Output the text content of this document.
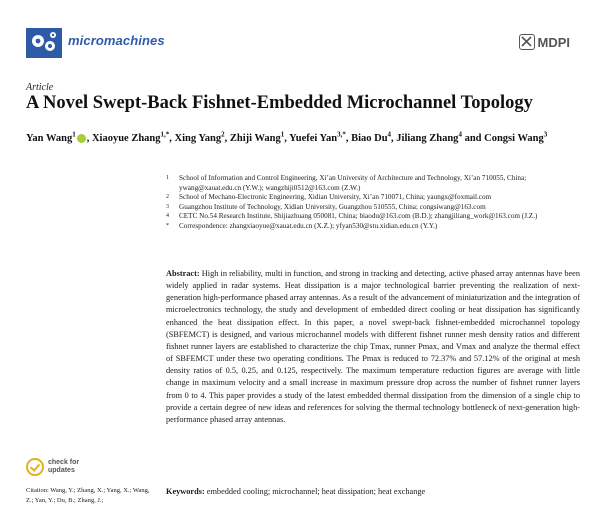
micromachines	MDPI
Article
A Novel Swept-Back Fishnet-Embedded Microchannel Topology
Yan Wang$^1$ , Xiaoyue Zhang$^{1,*}$, Xing Yang$^2$, Zhiji Wang$^1$, Yuefei Yan$^{3,*}$, Biao Du$^4$, Jiliang Zhang$^4$ and Congsi Wang$^3$
1	School of Information and Control Engineering, Xi’an University of Architecture and Technology, Xi’an 710055, China; ywang@xauat.edu.cn (Y.W.); wangzhiji0512@163.com (Z.W.)
2	School of Mechano-Electronic Engineering, Xidian University, Xi’an 710071, China; yaungx@foxmail.com
3	Guangzhou Institute of Technology, Xidian University, Guangzhou 510555, China; congsiwang@163.com
4	CETC No.54 Research Institute, Shijiazhuang 050081, China; biaodu@163.com (B.D.); zhangjiliang_work@163.com (J.Z.)
*	Correspondence: zhangxiaoyue@xauat.edu.cn (X.Z.); yfyan530@stu.xidian.edu.cn (Y.Y.)
Abstract: High in reliability, multi in function, and strong in tracking and detecting, active phased array antennas have been widely applied in radar systems. Heat dissipation is a major technological barrier preventing the realization of next-generation high-performance phased array antennas. As a result of the advancement of miniaturization and the integration of microelectronics technology, the study and development of embedded direct cooling or heat dissipation has significantly enhanced the heat dissipation effect. In this paper, a novel swept-back fishnet-embedded microchannel topology (SBFEMCT) is designed, and various microchannel models with different fishnet runner mesh density ratios and different fishnet runner layers are established to characterize the chip Tmax, runner Pmax, and Vmax and analyze the thermal effect of SBFEMCT under these two operating conditions. The Pmax is reduced to 72.37% and 57.12% of the original at mesh density ratios of 0.5, 0.25, and 0.125, respectively. The maximum temperature reduction figures are average with little change in maximum velocity and a small increase in maximum pressure drop across the number of fishnet runner layers from 0 to 4. This paper provides a study of the latest embedded thermal dissipation from the dimension of a single chip to provide a certain degree of new ideas and references for solving the thermal technology bottleneck of next-generation high-performance phased array antennas.
Keywords: embedded cooling; microchannel; heat dissipation; heat exchange
check for
updates
Citation: Wang, Y.; Zhang, X.; Yang, X.; Wang, Z.; Yan, Y.; Du, B.; Zhang, J.;
